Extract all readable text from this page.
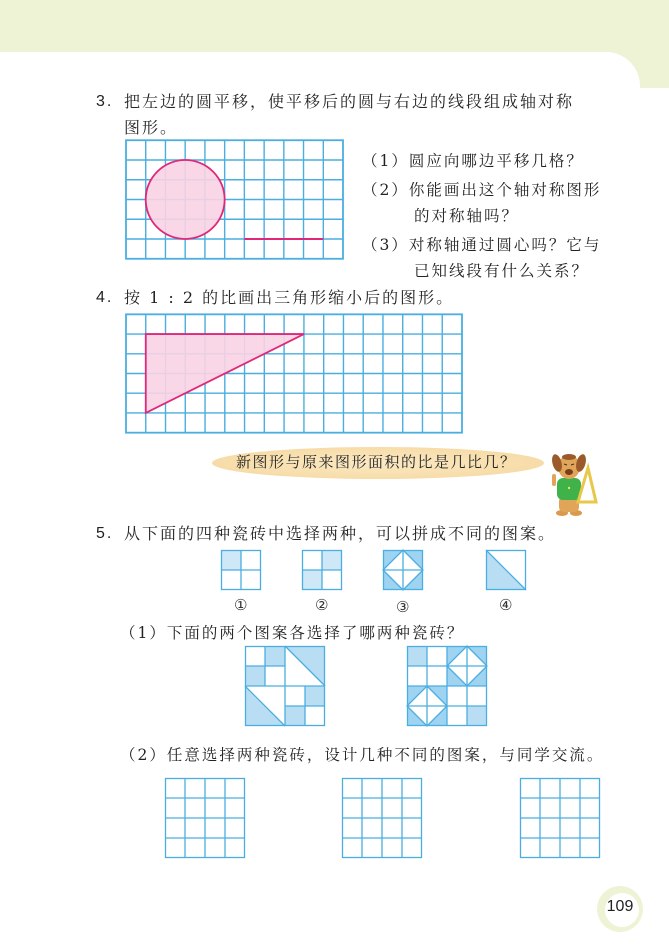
3. 把左边的圆平移，使平移后的圆与右边的线段组成轴对称
图形。
（1）圆应向哪边平移几格？
（2）你能画出这个轴对称图形
的对称轴吗？
（3）对称轴通过圆心吗？它与
已知线段有什么关系？
4. 按 1 : 2 的比画出三角形缩小后的图形。
新图形与原来图形面积的比是几比几？
5. 从下面的四种瓷砖中选择两种，可以拼成不同的图案。
①	②	③	④
（1）下面的两个图案各选择了哪两种瓷砖？
（2）任意选择两种瓷砖，设计几种不同的图案，与同学交流。
109
